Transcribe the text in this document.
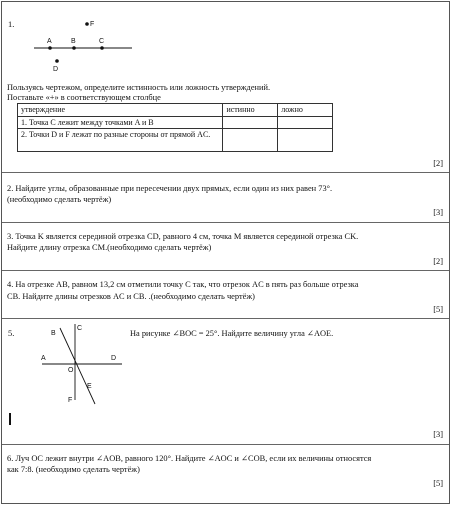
1.
A	B	C
F
D
Пользуясь чертежом, определите истинность или ложность утверждений.
Поставьте «+» в соответствующем столбце
утверждение	истинно	ложно
1. Точка C лежит между точками A и B		
2. Точки D и F лежат по разные стороны от прямой AC.		
[2]
2. Найдите углы, образованные при пересечении двух прямых, если один из них равен 73°.
(необходимо сделать чертёж)
[3]
3. Точка K является серединой отрезка CD, равного 4 см, точка M является серединой отрезка CK.
Найдите длину отрезка CM.(необходимо сделать чертёж)
[2]
4. На отрезке AB, равном 13,2 см отметили точку C так, что отрезок AC в пять раз больше отрезка
CB. Найдите длины отрезков AC и CB. .(необходимо сделать чертёж)
[5]
5.
C
B
A	D
O
E
F
На рисунке ∠BOC = 25°. Найдите величину угла ∠AOE.
[3]
6. Луч OC лежит внутри ∠AOB, равного 120°. Найдите ∠AOC и ∠COB, если их величины относятся
как 7:8. (необходимо сделать чертёж)
[5]
